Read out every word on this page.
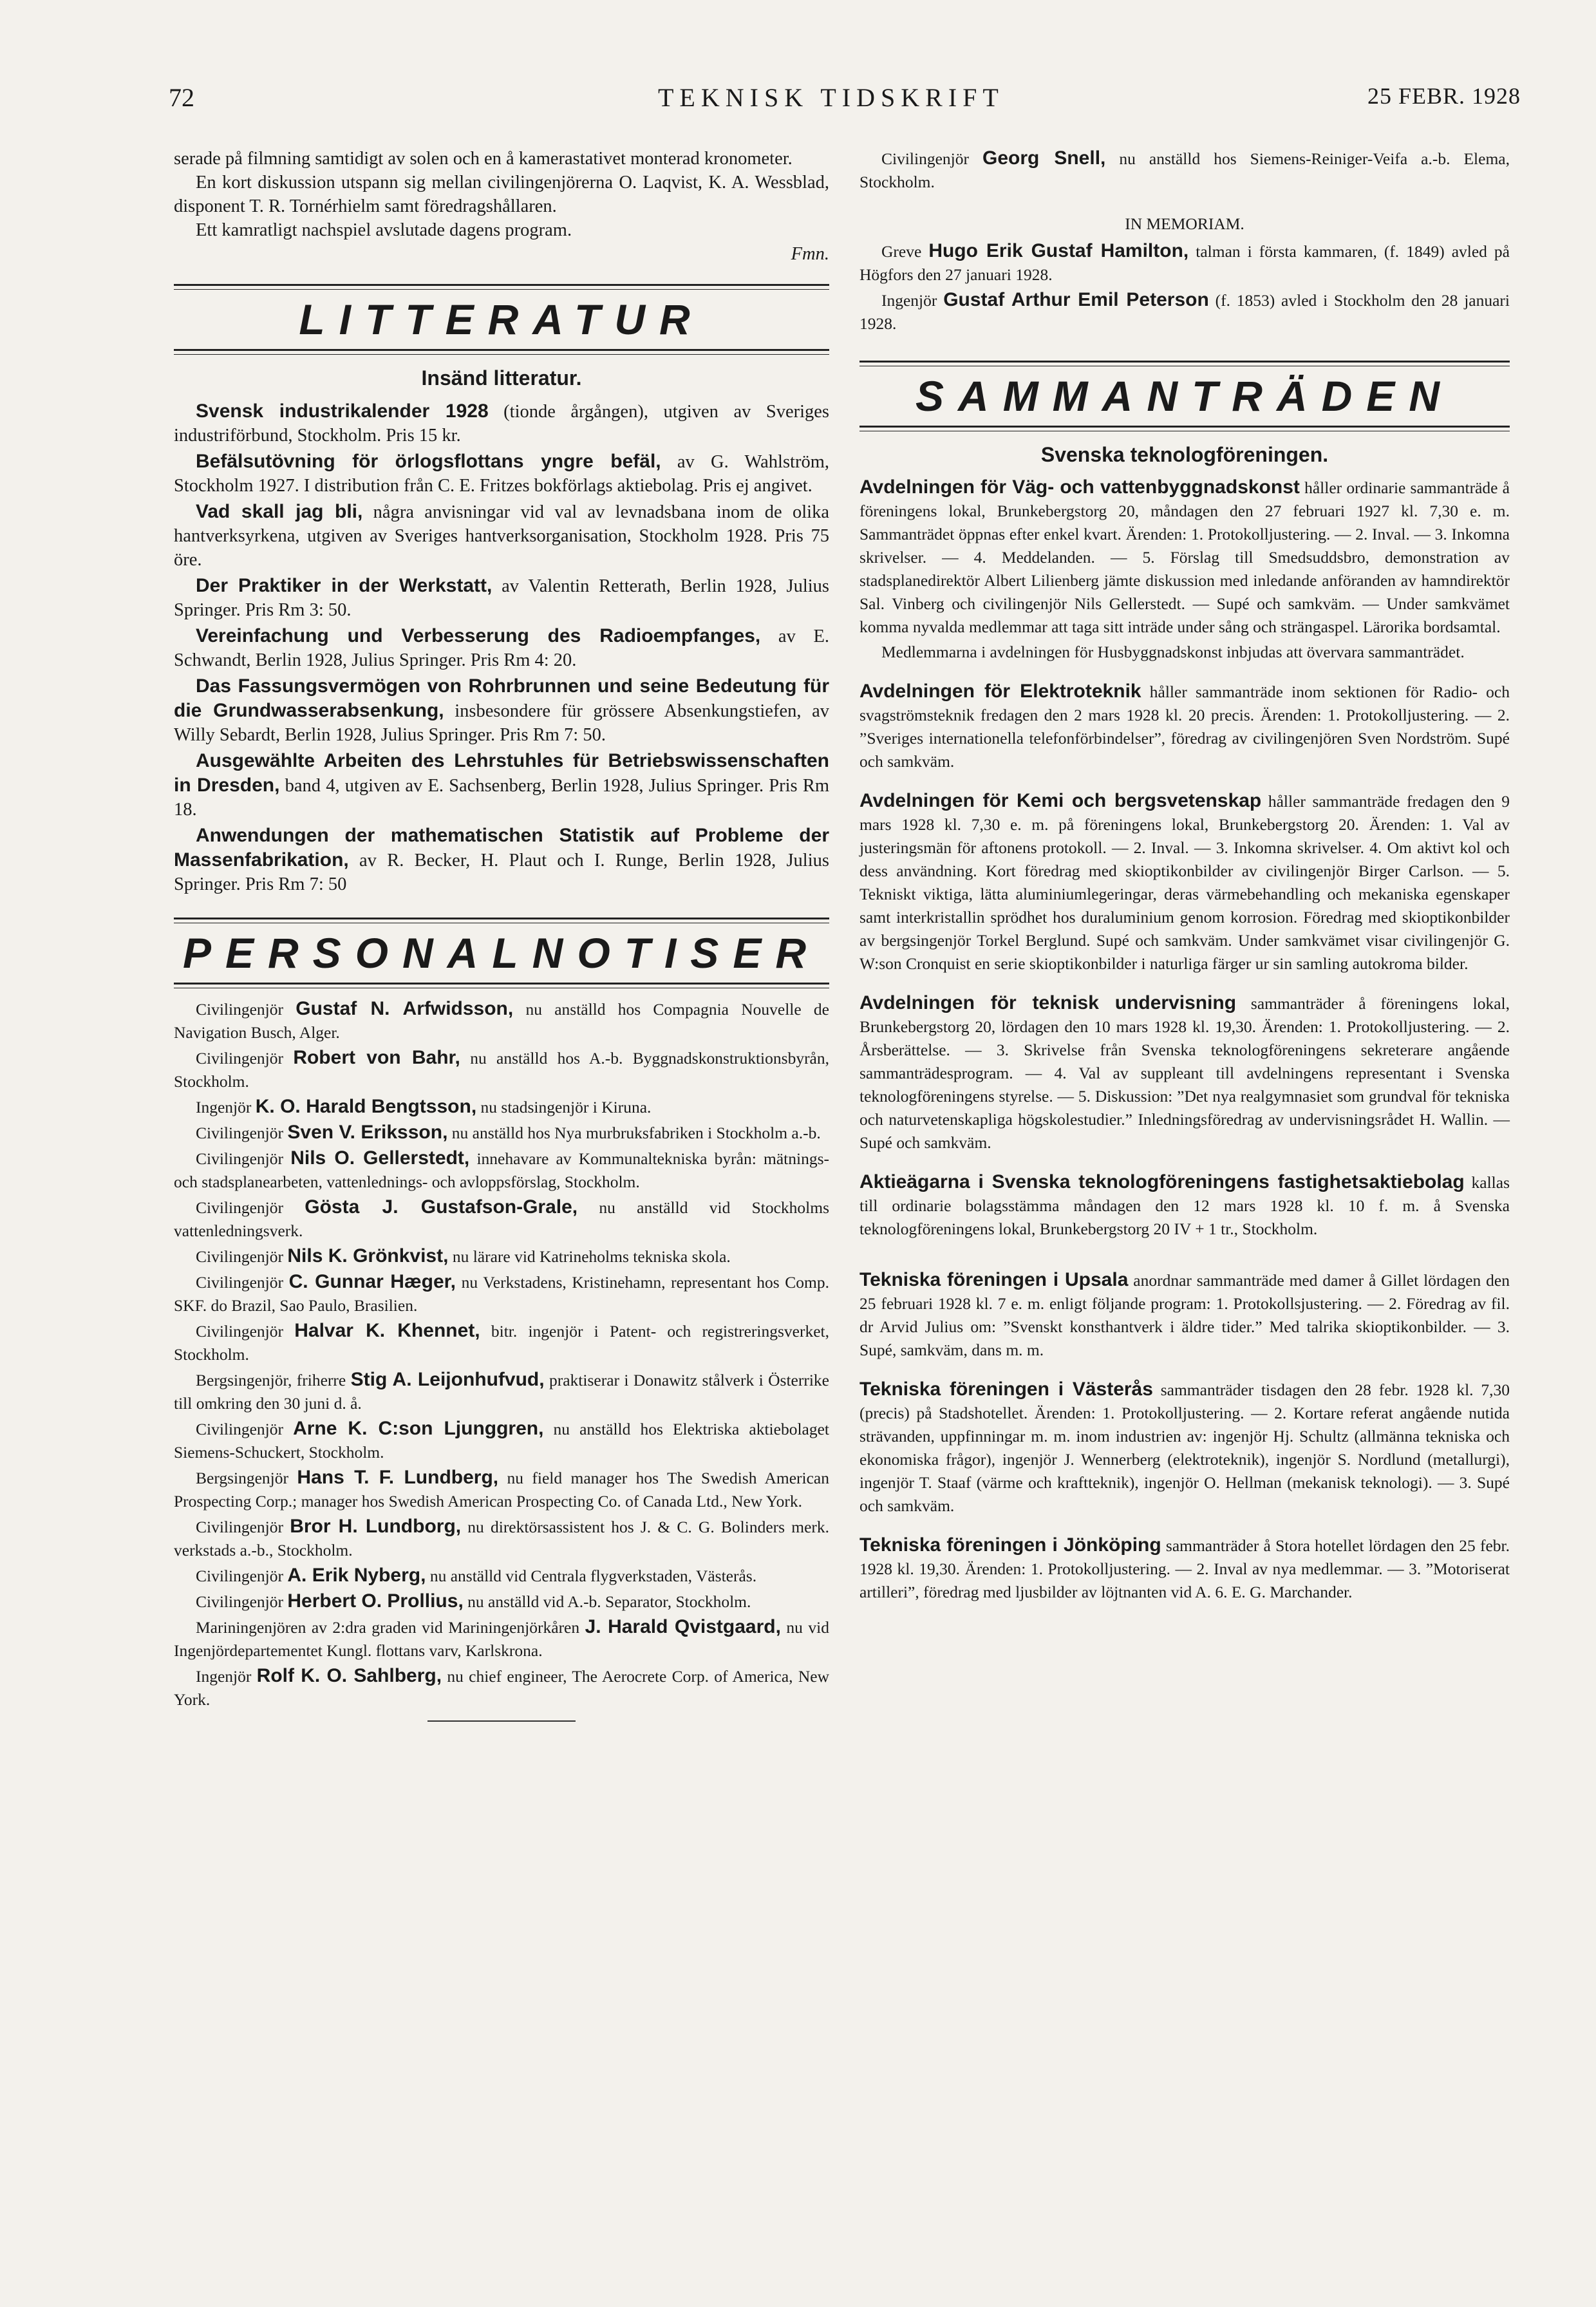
72	TEKNISK TIDSKRIFT	25 FEBR. 1928

serade på filmning samtidigt av solen och en å kamerastativet monterad kronometer.

En kort diskussion utspann sig mellan civilingenjörerna O. Laqvist, K. A. Wessblad, disponent T. R. Tornérhielm samt föredragshållaren.

Ett kamratligt nachspiel avslutade dagens program.

Fmn.

LITTERATUR
Insänd litteratur.

Svensk industrikalender 1928 (tionde årgången), utgiven av Sveriges industriförbund, Stockholm. Pris 15 kr.

Befälsutövning för örlogsflottans yngre befäl, av G. Wahlström, Stockholm 1927. I distribution från C. E. Fritzes bokförlags aktiebolag. Pris ej angivet.

Vad skall jag bli, några anvisningar vid val av levnadsbana inom de olika hantverksyrkena, utgiven av Sveriges hantverksorganisation, Stockholm 1928. Pris 75 öre.

Der Praktiker in der Werkstatt, av Valentin Retterath, Berlin 1928, Julius Springer. Pris Rm 3: 50.

Vereinfachung und Verbesserung des Radioempfanges, av E. Schwandt, Berlin 1928, Julius Springer. Pris Rm 4: 20.

Das Fassungsvermögen von Rohrbrunnen und seine Bedeutung für die Grundwasserabsenkung, insbesondere für grössere Absenkungstiefen, av Willy Sebardt, Berlin 1928, Julius Springer. Pris Rm 7: 50.

Ausgewählte Arbeiten des Lehrstuhles für Betriebswissenschaften in Dresden, band 4, utgiven av E. Sachsenberg, Berlin 1928, Julius Springer. Pris Rm 18.

Anwendungen der mathematischen Statistik auf Probleme der Massenfabrikation, av R. Becker, H. Plaut och I. Runge, Berlin 1928, Julius Springer. Pris Rm 7: 50

PERSONALNOTISER

Civilingenjör Gustaf N. Arfwidsson, nu anställd hos Compagnia Nouvelle de Navigation Busch, Alger.

Civilingenjör Robert von Bahr, nu anställd hos A.-b. Byggnadskonstruktionsbyrån, Stockholm.

Ingenjör K. O. Harald Bengtsson, nu stadsingenjör i Kiruna.

Civilingenjör Sven V. Eriksson, nu anställd hos Nya murbruksfabriken i Stockholm a.-b.

Civilingenjör Nils O. Gellerstedt, innehavare av Kommunaltekniska byrån: mätnings- och stadsplanearbeten, vattenlednings- och avloppsförslag, Stockholm.

Civilingenjör Gösta J. Gustafson-Grale, nu anställd vid Stockholms vattenledningsverk.

Civilingenjör Nils K. Grönkvist, nu lärare vid Katrineholms tekniska skola.

Civilingenjör C. Gunnar Hæger, nu Verkstadens, Kristinehamn, representant hos Comp. SKF. do Brazil, Sao Paulo, Brasilien.

Civilingenjör Halvar K. Khennet, bitr. ingenjör i Patent- och registreringsverket, Stockholm.

Bergsingenjör, friherre Stig A. Leijonhufvud, praktiserar i Donawitz stålverk i Österrike till omkring den 30 juni d. å.

Civilingenjör Arne K. C:son Ljunggren, nu anställd hos Elektriska aktiebolaget Siemens-Schuckert, Stockholm.

Bergsingenjör Hans T. F. Lundberg, nu field manager hos The Swedish American Prospecting Corp.; manager hos Swedish American Prospecting Co. of Canada Ltd., New York.

Civilingenjör Bror H. Lundborg, nu direktörsassistent hos J. & C. G. Bolinders merk. verkstads a.-b., Stockholm.

Civilingenjör A. Erik Nyberg, nu anställd vid Centrala flygverkstaden, Västerås.

Civilingenjör Herbert O. Prollius, nu anställd vid A.-b. Separator, Stockholm.

Mariningenjören av 2:dra graden vid Mariningenjörkåren J. Harald Qvistgaard, nu vid Ingenjördepartementet Kungl. flottans varv, Karlskrona.

Ingenjör Rolf K. O. Sahlberg, nu chief engineer, The Aerocrete Corp. of America, New York.

Civilingenjör Georg Snell, nu anställd hos Siemens-Reiniger-Veifa a.-b. Elema, Stockholm.

IN MEMORIAM.

Greve Hugo Erik Gustaf Hamilton, talman i första kammaren, (f. 1849) avled på Högfors den 27 januari 1928.

Ingenjör Gustaf Arthur Emil Peterson (f. 1853) avled i Stockholm den 28 januari 1928.

SAMMANTRÄDEN
Svenska teknologföreningen.

Avdelningen för Väg- och vattenbyggnadskonst håller ordinarie sammanträde å föreningens lokal, Brunkebergstorg 20, måndagen den 27 februari 1927 kl. 7,30 e. m. Sammanträdet öppnas efter enkel kvart. Ärenden: 1. Protokolljustering. — 2. Inval. — 3. Inkomna skrivelser. — 4. Meddelanden. — 5. Förslag till Smedsuddsbro, demonstration av stadsplanedirektör Albert Lilienberg jämte diskussion med inledande anföranden av hamndirektör Sal. Vinberg och civilingenjör Nils Gellerstedt. — Supé och samkväm. — Under samkvämet komma nyvalda medlemmar att taga sitt inträde under sång och strängaspel. Lärorika bordsamtal.

Medlemmarna i avdelningen för Husbyggnadskonst inbjudas att övervara sammanträdet.

Avdelningen för Elektroteknik håller sammanträde inom sektionen för Radio- och svagströmsteknik fredagen den 2 mars 1928 kl. 20 precis. Ärenden: 1. Protokolljustering. — 2. ”Sveriges internationella telefonförbindelser”, föredrag av civilingenjören Sven Nordström. Supé och samkväm.

Avdelningen för Kemi och bergsvetenskap håller sammanträde fredagen den 9 mars 1928 kl. 7,30 e. m. på föreningens lokal, Brunkebergstorg 20. Ärenden: 1. Val av justeringsmän för aftonens protokoll. — 2. Inval. — 3. Inkomna skrivelser. 4. Om aktivt kol och dess användning. Kort föredrag med skioptikonbilder av civilingenjör Birger Carlson. — 5. Tekniskt viktiga, lätta aluminiumlegeringar, deras värmebehandling och mekaniska egenskaper samt interkristallin sprödhet hos duraluminium genom korrosion. Föredrag med skioptikonbilder av bergsingenjör Torkel Berglund. Supé och samkväm. Under samkvämet visar civilingenjör G. W:son Cronquist en serie skioptikonbilder i naturliga färger ur sin samling autokroma bilder.

Avdelningen för teknisk undervisning sammanträder å föreningens lokal, Brunkebergstorg 20, lördagen den 10 mars 1928 kl. 19,30. Ärenden: 1. Protokolljustering. — 2. Årsberättelse. — 3. Skrivelse från Svenska teknologföreningens sekreterare angående sammanträdesprogram. — 4. Val av suppleant till avdelningens representant i Svenska teknologföreningens styrelse. — 5. Diskussion: ”Det nya realgymnasiet som grundval för tekniska och naturvetenskapliga högskolestudier.” Inledningsföredrag av undervisningsrådet H. Wallin. — Supé och samkväm.

Aktieägarna i Svenska teknologföreningens fastighetsaktiebolag kallas till ordinarie bolagsstämma måndagen den 12 mars 1928 kl. 10 f. m. å Svenska teknologföreningens lokal, Brunkebergstorg 20 IV + 1 tr., Stockholm.

Tekniska föreningen i Upsala anordnar sammanträde med damer å Gillet lördagen den 25 februari 1928 kl. 7 e. m. enligt följande program: 1. Protokollsjustering. — 2. Föredrag av fil. dr Arvid Julius om: ”Svenskt konsthantverk i äldre tider.” Med talrika skioptikonbilder. — 3. Supé, samkväm, dans m. m.

Tekniska föreningen i Västerås sammanträder tisdagen den 28 febr. 1928 kl. 7,30 (precis) på Stadshotellet. Ärenden: 1. Protokolljustering. — 2. Kortare referat angående nutida strävanden, uppfinningar m. m. inom industrien av: ingenjör Hj. Schultz (allmänna tekniska och ekonomiska frågor), ingenjör J. Wennerberg (elektroteknik), ingenjör S. Nordlund (metallurgi), ingenjör T. Staaf (värme och kraftteknik), ingenjör O. Hellman (mekanisk teknologi). — 3. Supé och samkväm.

Tekniska föreningen i Jönköping sammanträder å Stora hotellet lördagen den 25 febr. 1928 kl. 19,30. Ärenden: 1. Protokolljustering. — 2. Inval av nya medlemmar. — 3. ”Motoriserat artilleri”, föredrag med ljusbilder av löjtnanten vid A. 6. E. G. Marchander.
